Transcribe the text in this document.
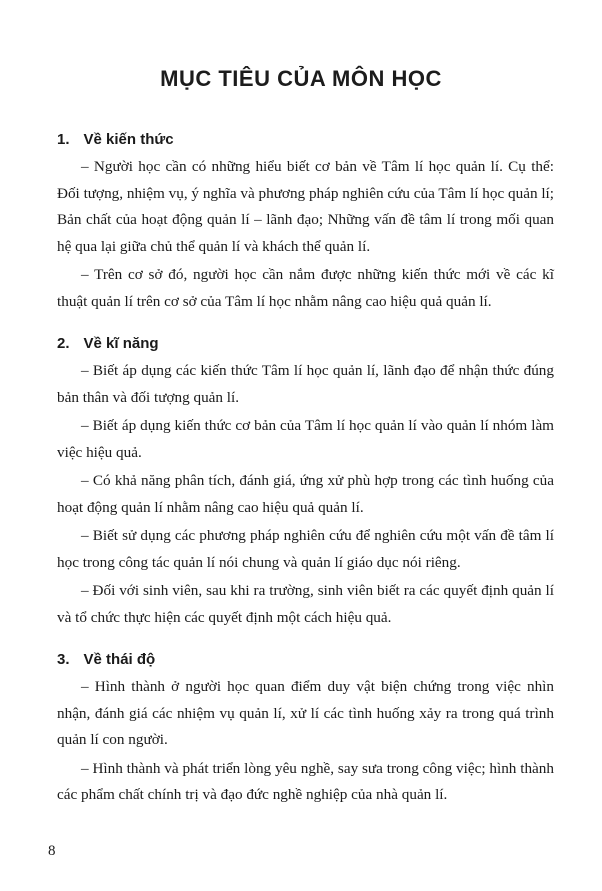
MỤC TIÊU CỦA MÔN HỌC
1. Về kiến thức

– Người học cần có những hiểu biết cơ bản về Tâm lí học quản lí. Cụ thể: Đối tượng, nhiệm vụ, ý nghĩa và phương pháp nghiên cứu của Tâm lí học quản lí; Bản chất của hoạt động quản lí – lãnh đạo; Những vấn đề tâm lí trong mối quan hệ qua lại giữa chủ thể quản lí và khách thể quản lí.

– Trên cơ sở đó, người học cần nắm được những kiến thức mới về các kĩ thuật quản lí trên cơ sở của Tâm lí học nhằm nâng cao hiệu quả quản lí.

2. Về kĩ năng

– Biết áp dụng các kiến thức Tâm lí học quản lí, lãnh đạo để nhận thức đúng bản thân và đối tượng quản lí.

– Biết áp dụng kiến thức cơ bản của Tâm lí học quản lí vào quản lí nhóm làm việc hiệu quả.

– Có khả năng phân tích, đánh giá, ứng xử phù hợp trong các tình huống của hoạt động quản lí nhằm nâng cao hiệu quả quản lí.

– Biết sử dụng các phương pháp nghiên cứu để nghiên cứu một vấn đề tâm lí học trong công tác quản lí nói chung và quản lí giáo dục nói riêng.

– Đối với sinh viên, sau khi ra trường, sinh viên biết ra các quyết định quản lí và tổ chức thực hiện các quyết định một cách hiệu quả.

3. Về thái độ

– Hình thành ở người học quan điểm duy vật biện chứng trong việc nhìn nhận, đánh giá các nhiệm vụ quản lí, xử lí các tình huống xảy ra trong quá trình quản lí con người.

– Hình thành và phát triển lòng yêu nghề, say sưa trong công việc; hình thành các phẩm chất chính trị và đạo đức nghề nghiệp của nhà quản lí.

8
